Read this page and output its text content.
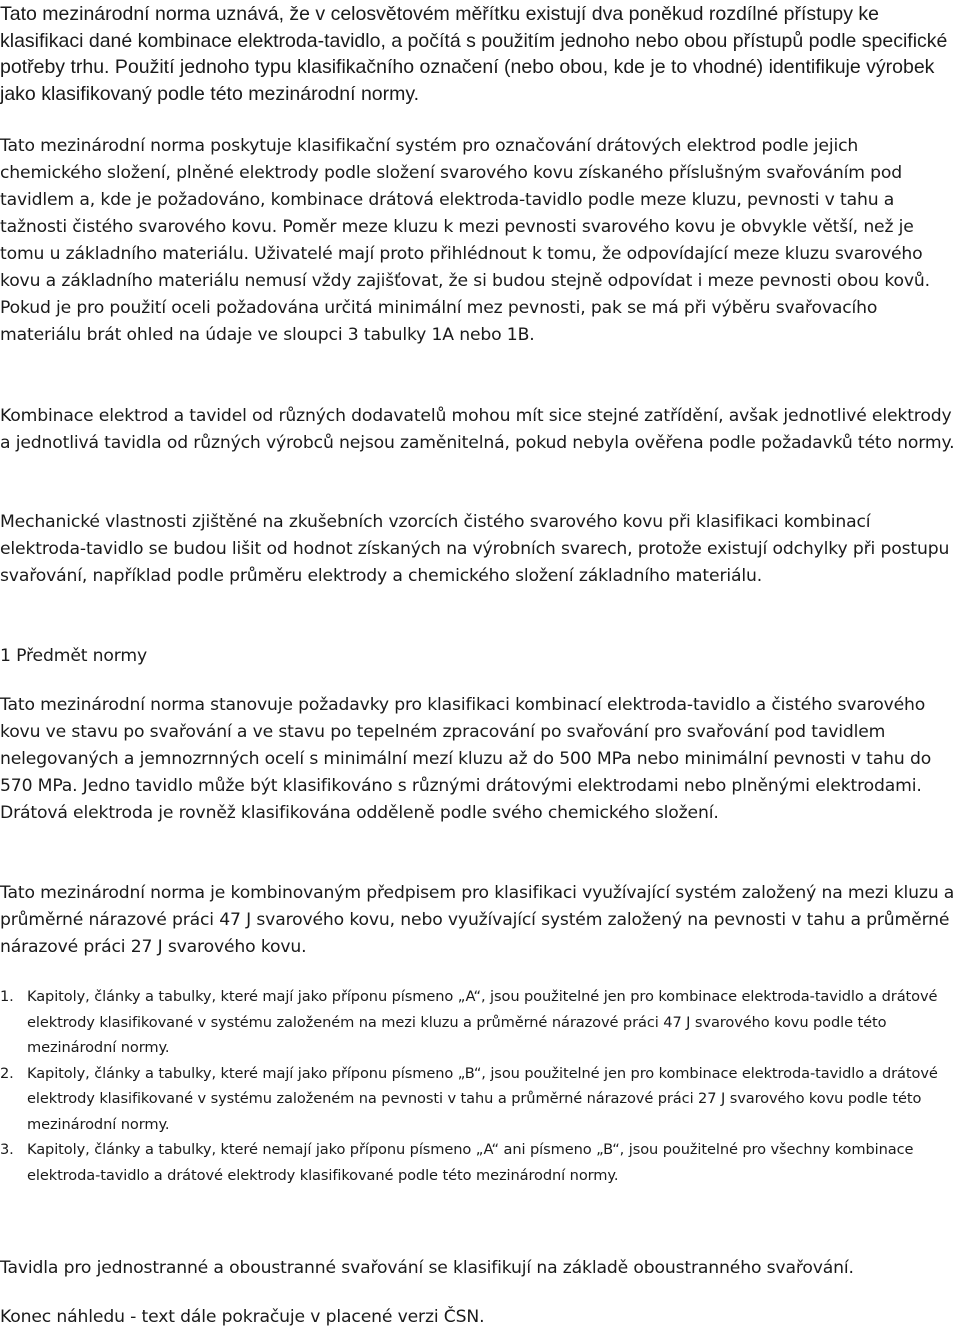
Tato mezinárodní norma uznává, že v celosvětovém měřítku existují dva poněkud rozdílné přístupy ke klasifikaci dané kombinace elektroda-tavidlo, a počítá s použitím jednoho nebo obou přístupů podle specifické potřeby trhu. Použití jednoho typu klasifikačního označení (nebo obou, kde je to vhodné) identifikuje výrobek jako klasifikovaný podle této mezinárodní normy.

Tato mezinárodní norma poskytuje klasifikační systém pro označování drátových elektrod podle jejich chemického složení, plněné elektrody podle složení svarového kovu získaného příslušným svařováním pod tavidlem a, kde je požadováno, kombinace drátová elektroda-tavidlo podle meze kluzu, pevnosti v tahu a tažnosti čistého svarového kovu. Poměr meze kluzu k mezi pevnosti svarového kovu je obvykle větší, než je tomu u základního materiálu. Uživatelé mají proto přihlédnout k tomu, že odpovídající meze kluzu svarového kovu a základního materiálu nemusí vždy zajišťovat, že si budou stejně odpovídat i meze pevnosti obou kovů. Pokud je pro použití oceli požadována určitá minimální mez pevnosti, pak se má při výběru svařovacího materiálu brát ohled na údaje ve sloupci 3 tabulky 1A nebo 1B.

Kombinace elektrod a tavidel od různých dodavatelů mohou mít sice stejné zatřídění, avšak jednotlivé elektrody a jednotlivá tavidla od různých výrobců nejsou zaměnitelná, pokud nebyla ověřena podle požadavků této normy.

Mechanické vlastnosti zjištěné na zkušebních vzorcích čistého svarového kovu při klasifikaci kombinací elektroda-tavidlo se budou lišit od hodnot získaných na výrobních svarech, protože existují odchylky při postupu svařování, například podle průměru elektrody a chemického složení základního materiálu.

1 Předmět normy

Tato mezinárodní norma stanovuje požadavky pro klasifikaci kombinací elektroda-tavidlo a čistého svarového kovu ve stavu po svařování a ve stavu po tepelném zpracování po svařování pro svařování pod tavidlem nelegovaných a jemnozrnných ocelí s minimální mezí kluzu až do 500 MPa nebo minimální pevnosti v tahu do 570 MPa. Jedno tavidlo může být klasifikováno s různými drátovými elektrodami nebo plněnými elektrodami. Drátová elektroda je rovněž klasifikována odděleně podle svého chemického složení.

Tato mezinárodní norma je kombinovaným předpisem pro klasifikaci využívající systém založený na mezi kluzu a průměrné nárazové práci 47 J svarového kovu, nebo využívající systém založený na pevnosti v tahu a průměrné nárazové práci 27 J svarového kovu.

1. Kapitoly, články a tabulky, které mají jako příponu písmeno „A“, jsou použitelné jen pro kombinace elektroda-tavidlo a drátové elektrody klasifikované v systému založeném na mezi kluzu a průměrné nárazové práci 47 J svarového kovu podle této mezinárodní normy.
2. Kapitoly, články a tabulky, které mají jako příponu písmeno „B“, jsou použitelné jen pro kombinace elektroda-tavidlo a drátové elektrody klasifikované v systému založeném na pevnosti v tahu a průměrné nárazové práci 27 J svarového kovu podle této mezinárodní normy.
3. Kapitoly, články a tabulky, které nemají jako příponu písmeno „A“ ani písmeno „B“, jsou použitelné pro všechny kombinace elektroda-tavidlo a drátové elektrody klasifikované podle této mezinárodní normy.

Tavidla pro jednostranné a oboustranné svařování se klasifikují na základě oboustranného svařování.

Konec náhledu - text dále pokračuje v placené verzi ČSN.
